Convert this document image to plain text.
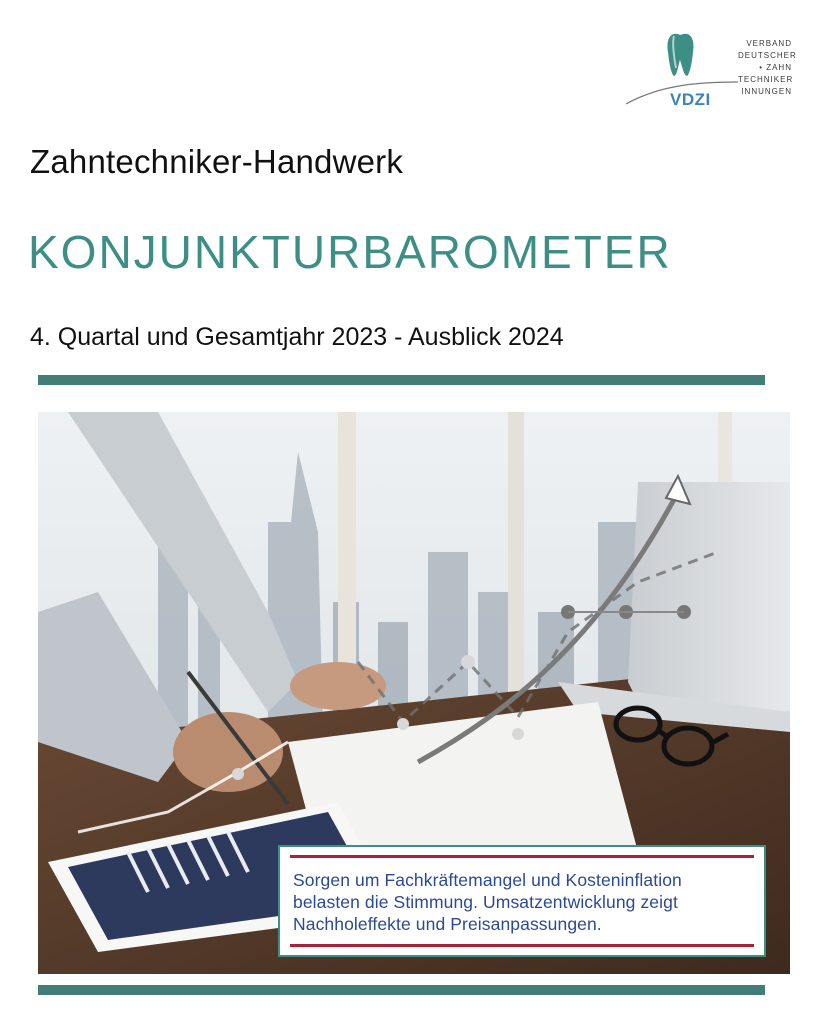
VDZI
VERBAND
DEUTSCHER
• ZAHN
TECHNIKER
INNUNGEN
Zahntechniker-Handwerk
KONJUNKTURBAROMETER
4. Quartal und Gesamtjahr 2023 - Ausblick 2024
Sorgen um Fachkräftemangel und Kosteninflation
belasten die Stimmung. Umsatzentwicklung zeigt
Nachholeffekte und Preisanpassungen.
